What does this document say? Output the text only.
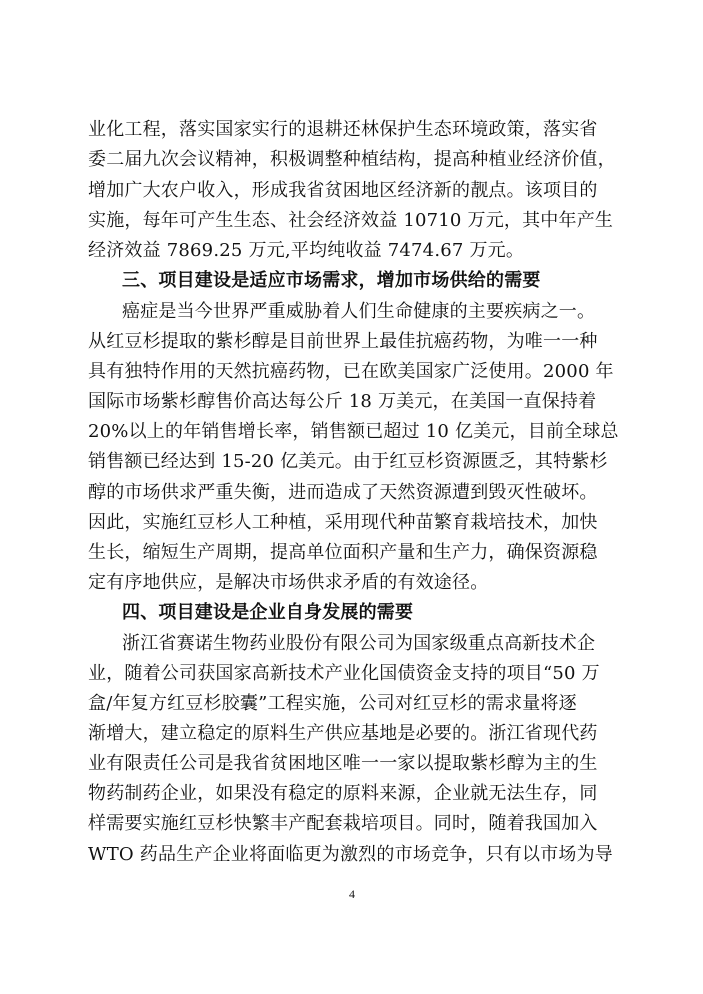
业化工程，落实国家实行的退耕还林保护生态环境政策，落实省
委二届九次会议精神，积极调整种植结构，提高种植业经济价值，
增加广大农户收入，形成我省贫困地区经济新的靓点。该项目的
实施，每年可产生生态、社会经济效益 10710 万元，其中年产生
经济效益 7869.25 万元,平均纯收益 7474.67 万元。
三、项目建设是适应市场需求，增加市场供给的需要
癌症是当今世界严重威胁着人们生命健康的主要疾病之一。
从红豆杉提取的紫杉醇是目前世界上最佳抗癌药物，为唯一一种
具有独特作用的天然抗癌药物，已在欧美国家广泛使用。2000 年
国际市场紫杉醇售价高达每公斤 18 万美元，在美国一直保持着
20%以上的年销售增长率，销售额已超过 10 亿美元，目前全球总
销售额已经达到 15-20 亿美元。由于红豆杉资源匮乏，其特紫杉
醇的市场供求严重失衡，进而造成了天然资源遭到毁灭性破坏。
因此，实施红豆杉人工种植，采用现代种苗繁育栽培技术，加快
生长，缩短生产周期，提高单位面积产量和生产力，确保资源稳
定有序地供应，是解决市场供求矛盾的有效途径。
四、项目建设是企业自身发展的需要
浙江省赛诺生物药业股份有限公司为国家级重点高新技术企
业，随着公司获国家高新技术产业化国债资金支持的项目“50 万
盒/年复方红豆杉胶囊”工程实施，公司对红豆杉的需求量将逐
渐增大，建立稳定的原料生产供应基地是必要的。浙江省现代药
业有限责任公司是我省贫困地区唯一一家以提取紫杉醇为主的生
物药制药企业，如果没有稳定的原料来源，企业就无法生存，同
样需要实施红豆杉快繁丰产配套栽培项目。同时，随着我国加入
WTO 药品生产企业将面临更为激烈的市场竞争，只有以市场为导
4
